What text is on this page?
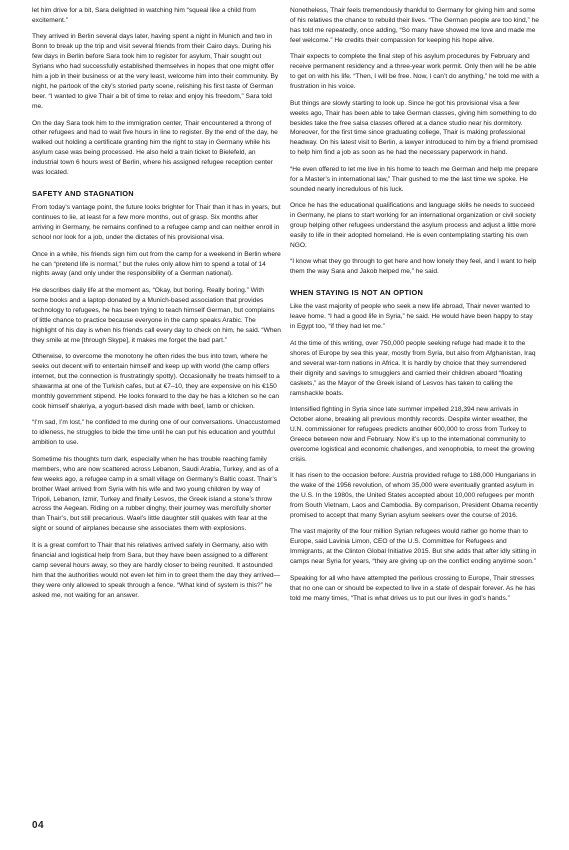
let him drive for a bit, Sara delighted in watching him “squeal like a child from excitement.”

They arrived in Berlin several days later, having spent a night in Munich and two in Bonn to break up the trip and visit several friends from their Cairo days. During his few days in Berlin before Sara took him to register for asylum, Thair sought out Syrians who had successfully established themselves in hopes that one might offer him a job in their business or at the very least, welcome him into their community. By night, he partook of the city’s storied party scene, relishing his first taste of German beer. “I wanted to give Thair a bit of time to relax and enjoy his freedom,” Sara told me.

On the day Sara took him to the immigration center, Thair encountered a throng of other refugees and had to wait five hours in line to register. By the end of the day, he walked out holding a certificate granting him the right to stay in Germany while his asylum case was being processed. He also held a train ticket to Bielefeld, an industrial town 6 hours west of Berlin, where his assigned refugee reception center was located.

SAFETY AND STAGNATION

From today’s vantage point, the future looks brighter for Thair than it has in years, but continues to lie, at least for a few more months, out of grasp. Six months after arriving in Germany, he remains confined to a refugee camp and can neither enroll in school nor look for a job, under the dictates of his provisional visa.

Once in a while, his friends sign him out from the camp for a weekend in Berlin where he can “pretend life is normal,” but the rules only allow him to spend a total of 14 nights away (and only under the responsibility of a German national).

He describes daily life at the moment as, “Okay, but boring. Really boring.” With some books and a laptop donated by a Munich-based association that provides technology to refugees, he has been trying to teach himself German, but complains of little chance to practice because everyone in the camp speaks Arabic. The highlight of his day is when his friends call every day to check on him, he said. “When they smile at me [through Skype], it makes me forget the bad part.”

Otherwise, to overcome the monotony he often rides the bus into town, where he seeks out decent wifi to entertain himself and keep up with world (the camp offers internet, but the connection is frustratingly spotty). Occasionally he treats himself to a shawarma at one of the Turkish cafes, but at €7–10, they are expensive on his €150 monthly government stipend. He looks forward to the day he has a kitchen so he can cook himself shakriya, a yogurt-based dish made with beef, lamb or chicken.

“I’m sad, I’m lost,” he confided to me during one of our conversations. Unaccustomed to idleness, he struggles to bide the time until he can put his education and youthful ambition to use.

Sometime his thoughts turn dark, especially when he has trouble reaching family members, who are now scattered across Lebanon, Saudi Arabia, Turkey, and as of a few weeks ago, a refugee camp in a small village on Germany’s Baltic coast. Thair’s brother Wael arrived from Syria with his wife and two young children by way of Tripoli, Lebanon, Izmir, Turkey and finally Lesvos, the Greek island a stone’s throw across the Aegean. Riding on a rubber dinghy, their journey was mercifully shorter than Thair’s, but still precarious. Wael’s little daughter still quakes with fear at the sight or sound of airplanes because she associates them with explosions.

It is a great comfort to Thair that his relatives arrived safely in Germany, also with financial and logistical help from Sara, but they have been assigned to a different camp several hours away, so they are hardly closer to being reunited. It astounded him that the authorities would not even let him in to greet them the day they arrived—they were only allowed to speak through a fence. “What kind of system is this?” he asked me, not waiting for an answer.

Nonetheless, Thair feels tremendously thankful to Germany for giving him and some of his relatives the chance to rebuild their lives. “The German people are too kind,” he has told me repeatedly, once adding, “So many have showed me love and made me feel welcome.” He credits their compassion for keeping his hope alive.

Thair expects to complete the final step of his asylum procedures by February and receive permanent residency and a three-year work permit. Only then will he be able to get on with his life. “Then, I will be free. Now, I can’t do anything,” he told me with a frustration in his voice.

But things are slowly starting to look up. Since he got his provisional visa a few weeks ago, Thair has been able to take German classes, giving him something to do besides take the free salsa classes offered at a dance studio near his dormitory. Moreover, for the first time since graduating college, Thair is making professional headway. On his latest visit to Berlin, a lawyer introduced to him by a friend promised to help him find a job as soon as he had the necessary paperwork in hand.

“He even offered to let me live in his home to teach me German and help me prepare for a Master’s in international law,” Thair gushed to me the last time we spoke. He sounded nearly incredulous of his luck.

Once he has the educational qualifications and language skills he needs to succeed in Germany, he plans to start working for an international organization or civil society group helping other refugees understand the asylum process and adjust a little more easily to life in their adopted homeland. He is even contemplating starting his own NGO.

“I know what they go through to get here and how lonely they feel, and I want to help them the way Sara and Jakob helped me,” he said.

WHEN STAYING IS NOT AN OPTION

Like the vast majority of people who seek a new life abroad, Thair never wanted to leave home. “I had a good life in Syria,” he said. He would have been happy to stay in Egypt too, “if they had let me.”

At the time of this writing, over 750,000 people seeking refuge had made it to the shores of Europe by sea this year, mostly from Syria, but also from Afghanistan, Iraq and several war-torn nations in Africa. It is hardly by choice that they surrendered their dignity and savings to smugglers and carried their children aboard “floating caskets,” as the Mayor of the Greek island of Lesvos has taken to calling the ramshackle boats.

Intensified fighting in Syria since late summer impelled 218,394 new arrivals in October alone, breaking all previous monthly records. Despite winter weather, the U.N. commissioner for refugees predicts another 600,000 to cross from Turkey to Greece between now and February. Now it’s up to the international community to overcome logistical and economic challenges, and xenophobia, to meet the growing crisis.

It has risen to the occasion before: Austria provided refuge to 188,000 Hungarians in the wake of the 1956 revolution, of whom 35,000 were eventually granted asylum in the U.S. In the 1980s, the United States accepted about 10,000 refugees per month from South Vietnam, Laos and Cambodia. By comparison, President Obama recently promised to accept that many Syrian asylum seekers over the course of 2016.

The vast majority of the four million Syrian refugees would rather go home than to Europe, said Lavinia Limon, CEO of the U.S. Committee for Refugees and Immigrants, at the Clinton Global Initiative 2015. But she adds that after idly sitting in camps near Syria for years, “they are giving up on the conflict ending anytime soon.”

Speaking for all who have attempted the perilous crossing to Europe, Thair stresses that no one can or should be expected to live in a state of despair forever. As he has told me many times, “That is what drives us to put our lives in god’s hands.”

04
